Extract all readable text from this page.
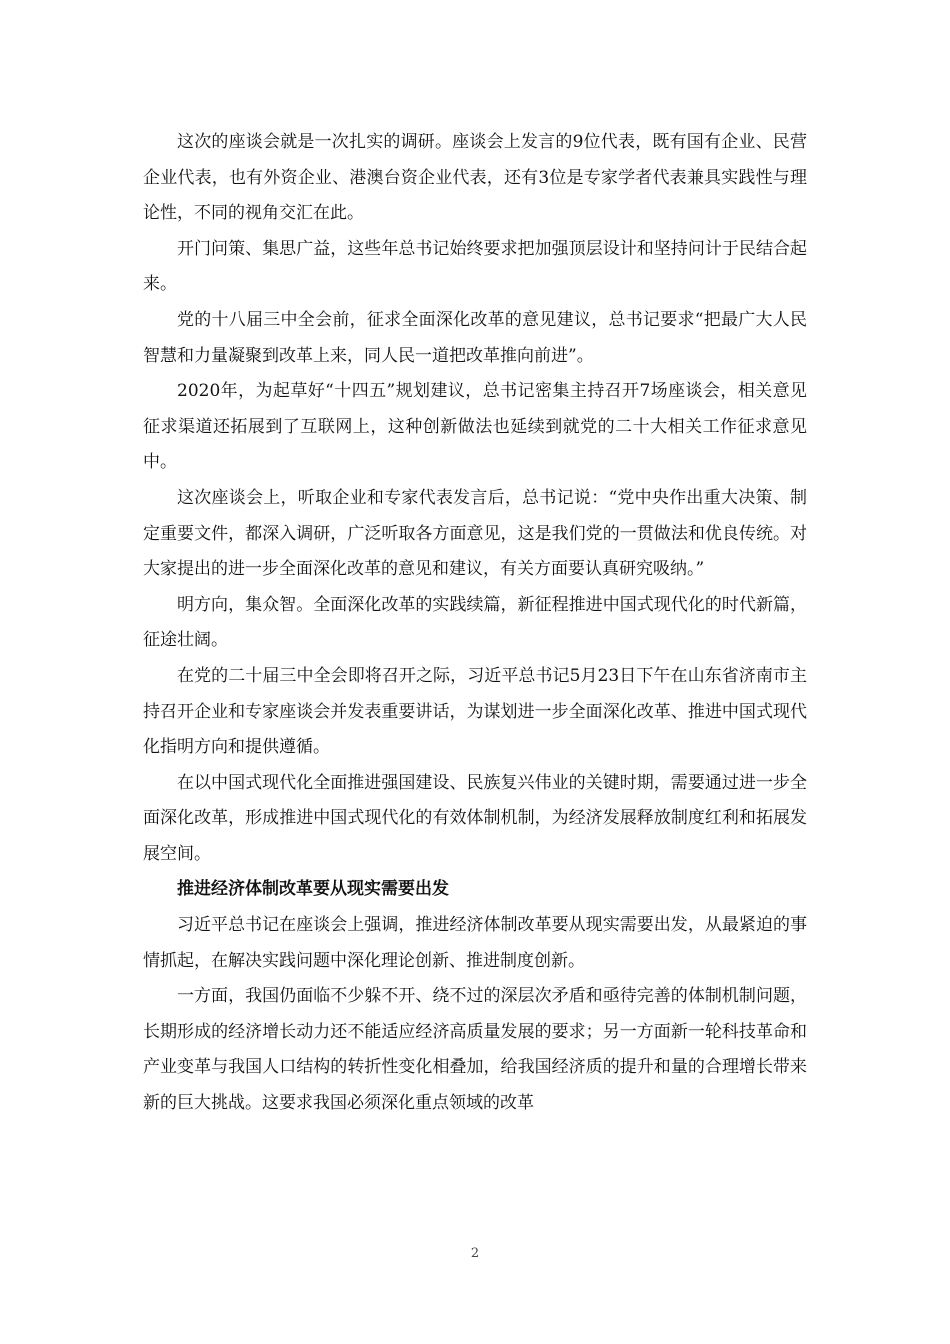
这次的座谈会就是一次扎实的调研。座谈会上发言的9位代表，既有国有企业、民营企业代表，也有外资企业、港澳台资企业代表，还有3位是专家学者代表兼具实践性与理论性，不同的视角交汇在此。

开门问策、集思广益，这些年总书记始终要求把加强顶层设计和坚持问计于民结合起来。

党的十八届三中全会前，征求全面深化改革的意见建议，总书记要求“把最广大人民智慧和力量凝聚到改革上来，同人民一道把改革推向前进”。

2020年，为起草好“十四五”规划建议，总书记密集主持召开7场座谈会，相关意见征求渠道还拓展到了互联网上，这种创新做法也延续到就党的二十大相关工作征求意见中。

这次座谈会上，听取企业和专家代表发言后，总书记说：“党中央作出重大决策、制定重要文件，都深入调研，广泛听取各方面意见，这是我们党的一贯做法和优良传统。对大家提出的进一步全面深化改革的意见和建议，有关方面要认真研究吸纳。”

明方向，集众智。全面深化改革的实践续篇，新征程推进中国式现代化的时代新篇，征途壮阔。

在党的二十届三中全会即将召开之际，习近平总书记5月23日下午在山东省济南市主持召开企业和专家座谈会并发表重要讲话，为谋划进一步全面深化改革、推进中国式现代化指明方向和提供遵循。

在以中国式现代化全面推进强国建设、民族复兴伟业的关键时期，需要通过进一步全面深化改革，形成推进中国式现代化的有效体制机制，为经济发展释放制度红利和拓展发展空间。

推进经济体制改革要从现实需要出发

习近平总书记在座谈会上强调，推进经济体制改革要从现实需要出发，从最紧迫的事情抓起，在解决实践问题中深化理论创新、推进制度创新。

一方面，我国仍面临不少躲不开、绕不过的深层次矛盾和亟待完善的体制机制问题，长期形成的经济增长动力还不能适应经济高质量发展的要求；另一方面新一轮科技革命和产业变革与我国人口结构的转折性变化相叠加，给我国经济质的提升和量的合理增长带来新的巨大挑战。这要求我国必须深化重点领域的改革

2
